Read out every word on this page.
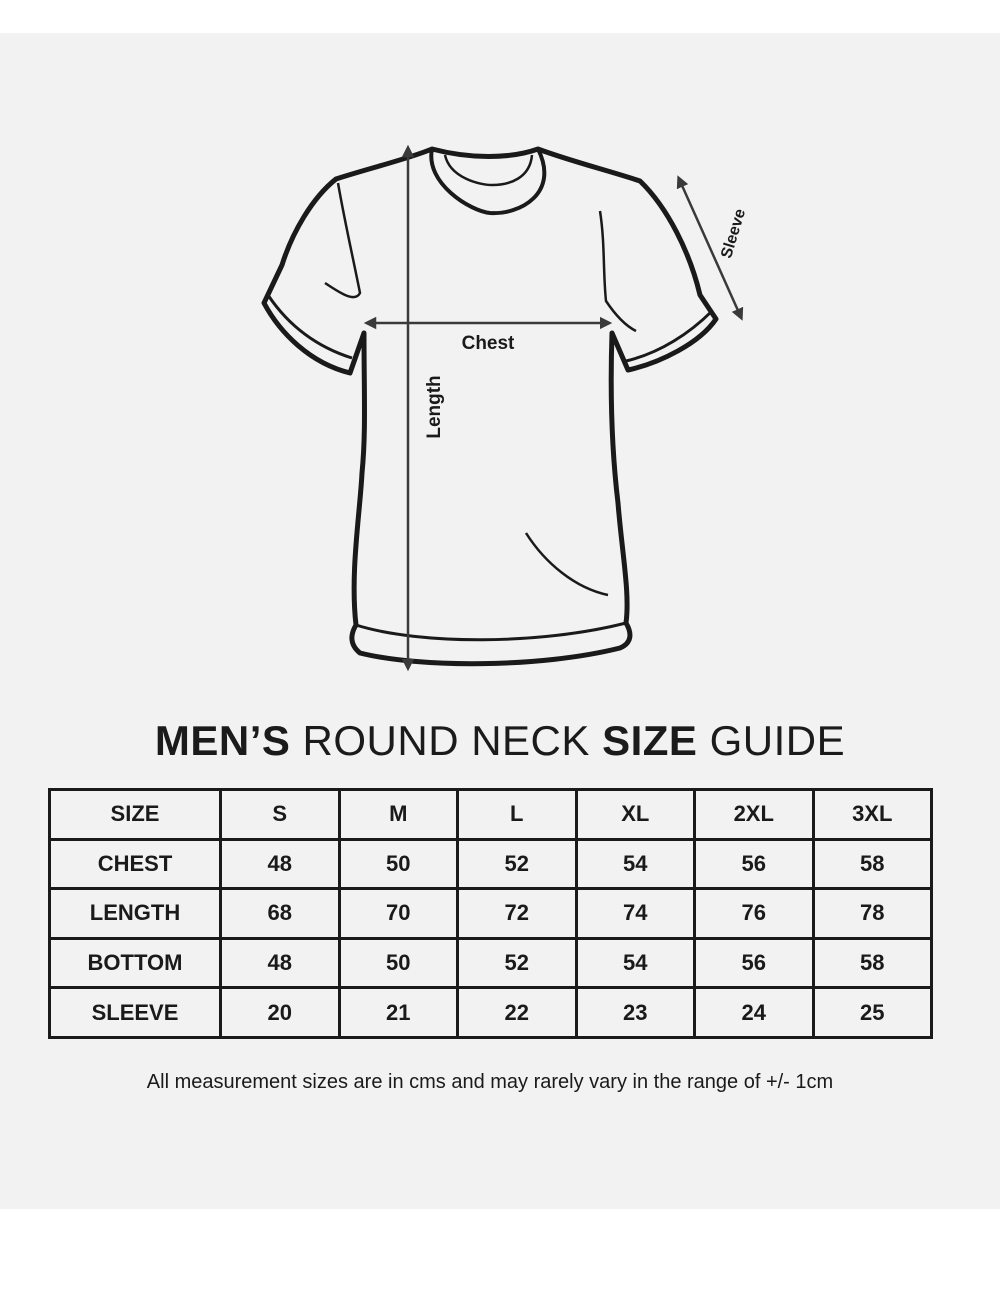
Chest
Length
Sleeve
MEN’S ROUND NECK SIZE GUIDE
SIZE	S	M	L	XL	2XL	3XL
CHEST	48	50	52	54	56	58
LENGTH	68	70	72	74	76	78
BOTTOM	48	50	52	54	56	58
SLEEVE	20	21	22	23	24	25
All measurement sizes are in cms and may rarely vary in the range of +/- 1cm
